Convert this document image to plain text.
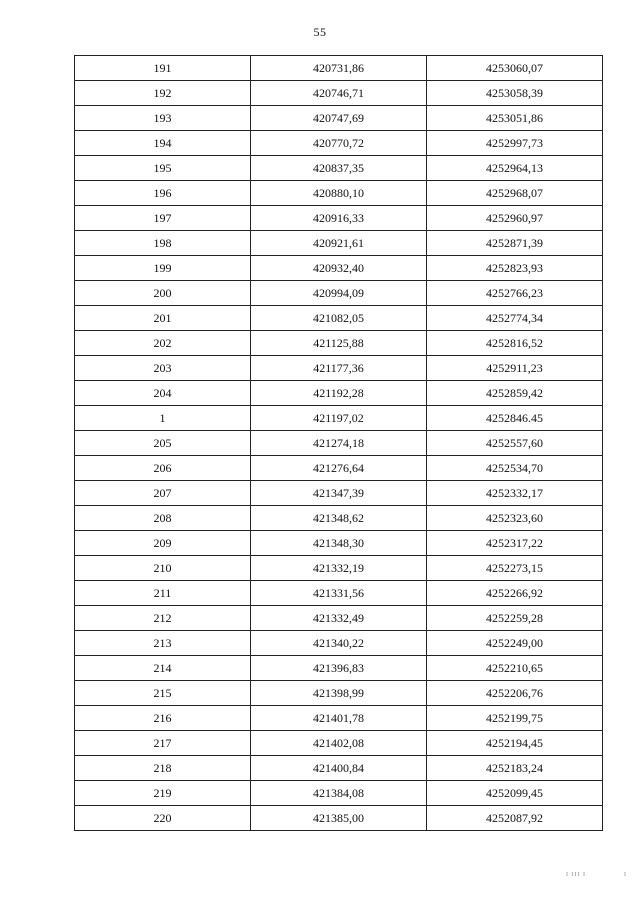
55
191	420731,86	4253060,07
192	420746,71	4253058,39
193	420747,69	4253051,86
194	420770,72	4252997,73
195	420837,35	4252964,13
196	420880,10	4252968,07
197	420916,33	4252960,97
198	420921,61	4252871,39
199	420932,40	4252823,93
200	420994,09	4252766,23
201	421082,05	4252774,34
202	421125,88	4252816,52
203	421177,36	4252911,23
204	421192,28	4252859,42
1	421197,02	4252846.45
205	421274,18	4252557,60
206	421276,64	4252534,70
207	421347,39	4252332,17
208	421348,62	4252323,60
209	421348,30	4252317,22
210	421332,19	4252273,15
211	421331,56	4252266,92
212	421332,49	4252259,28
213	421340,22	4252249,00
214	421396,83	4252210,65
215	421398,99	4252206,76
216	421401,78	4252199,75
217	421402,08	4252194,45
218	421400,84	4252183,24
219	421384,08	4252099,45
220	421385,00	4252087,92
I III I	I
